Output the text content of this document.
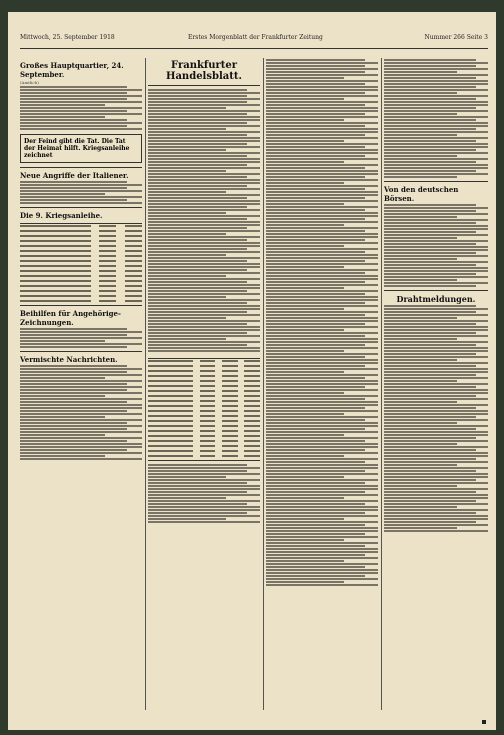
Mittwoch, 25. September 1918	Erstes Morgenblatt der Frankfurter Zeitung	Nummer 266 Seite 3
Großes Hauptquartier, 24. September.
(Amtlich)
Der Feind gibt die Tat. Die Tat der Heimat hilft. Kriegsanleihe zeichnet
Neue Angriffe der Italiener.
Die 9. Kriegsanleihe.
Beihilfen für Angehörige-Zeichnungen.
Vermischte Nachrichten.
Frankfurter Handelsblatt.
Von den deutschen Börsen.
Drahtmeldungen.
